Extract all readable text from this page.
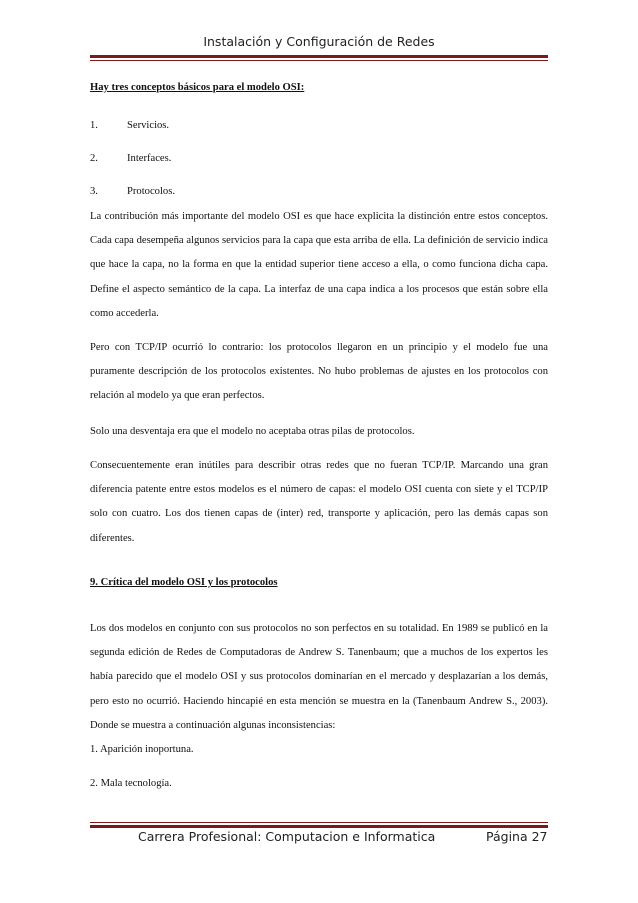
Instalación y Configuración de Redes

Hay tres conceptos básicos para el modelo OSI:

1.	Servicios.
2.	Interfaces.
3.	Protocolos.

La contribución más importante del modelo OSI es que hace explicita la distinción entre estos conceptos. Cada capa desempeña algunos servicios para la capa que esta arriba de ella. La definición de servicio indica que hace la capa, no la forma en que la entidad superior tiene acceso a ella, o como funciona dicha capa. Define el aspecto semántico de la capa. La interfaz de una capa indica a los procesos que están sobre ella como accederla.

Pero con TCP/IP ocurrió lo contrario: los protocolos llegaron en un principio y el modelo fue una puramente descripción de los protocolos existentes. No hubo problemas de ajustes en los protocolos con relación al modelo ya que eran perfectos.

Solo una desventaja era que el modelo no aceptaba otras pilas de protocolos.

Consecuentemente eran inútiles para describir otras redes que no fueran TCP/IP. Marcando una gran diferencia patente entre estos modelos es el número de capas: el modelo OSI cuenta con siete y el TCP/IP solo con cuatro. Los dos tienen capas de (inter) red, transporte y aplicación, pero las demás capas son diferentes.

9. Crítica del modelo OSI y los protocolos

Los dos modelos en conjunto con sus protocolos no son perfectos en su totalidad. En 1989 se publicó en la segunda edición de Redes de Computadoras de Andrew S. Tanenbaum; que a muchos de los expertos les había parecido que el modelo OSI y sus protocolos dominarían en el mercado y desplazarían a los demás, pero esto no ocurrió. Haciendo hincapié en esta mención se muestra en la (Tanenbaum Andrew S., 2003). Donde se muestra a continuación algunas inconsistencias:

1. Aparición inoportuna.

2. Mala tecnología.

Carrera Profesional: Computacion e Informatica	Página 27
